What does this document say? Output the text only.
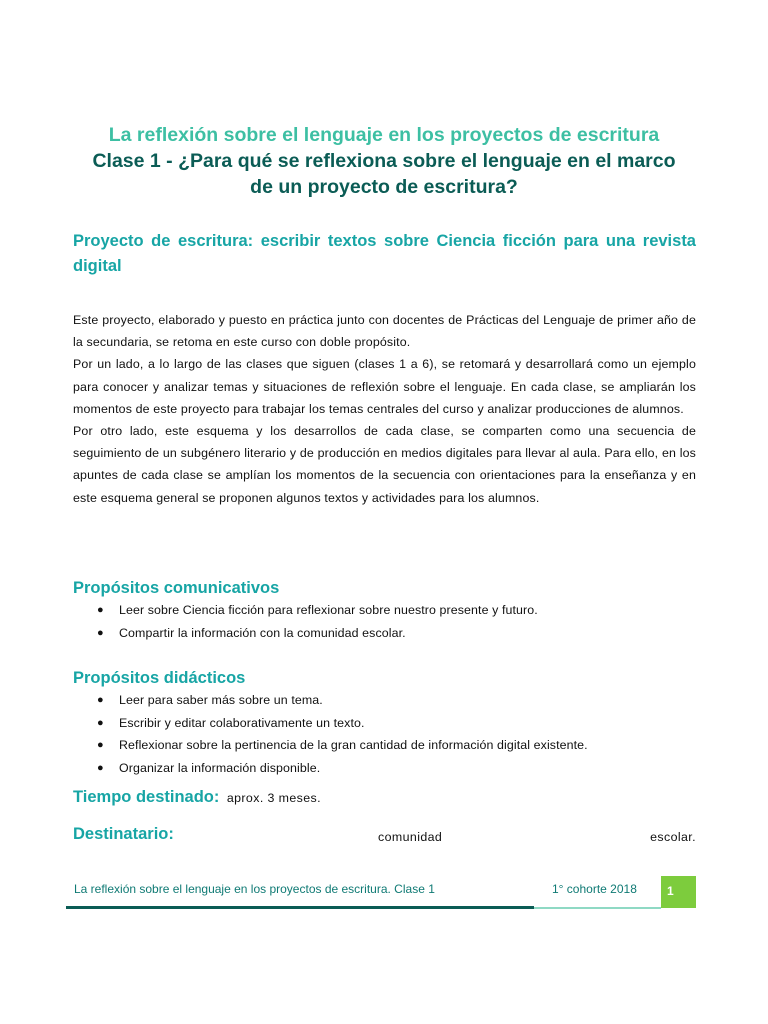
La reflexión sobre el lenguaje en los proyectos de escritura
Clase 1 - ¿Para qué se reflexiona sobre el lenguaje en el marco
de un proyecto de escritura?
Proyecto de escritura: escribir textos sobre Ciencia ficción para una revista digital

Este proyecto, elaborado y puesto en práctica junto con docentes de Prácticas del Lenguaje de primer año de la secundaria, se retoma en este curso con doble propósito.

Por un lado, a lo largo de las clases que siguen (clases 1 a 6), se retomará y desarrollará como un ejemplo para conocer y analizar temas y situaciones de reflexión sobre el lenguaje. En cada clase, se ampliarán los momentos de este proyecto para trabajar los temas centrales del curso y analizar producciones de alumnos.

Por otro lado, este esquema y los desarrollos de cada clase, se comparten como una secuencia de seguimiento de un subgénero literario y de producción en medios digitales para llevar al aula. Para ello, en los apuntes de cada clase se amplían los momentos de la secuencia con orientaciones para la enseñanza y en este esquema general se proponen algunos textos y actividades para los alumnos.

Propósitos comunicativos
● Leer sobre Ciencia ficción para reflexionar sobre nuestro presente y futuro.
● Compartir la información con la comunidad escolar.
Propósitos didácticos
● Leer para saber más sobre un tema.
● Escribir y editar colaborativamente un texto.
● Reflexionar sobre la pertinencia de la gran cantidad de información digital existente.
● Organizar la información disponible.
Tiempo destinado: aprox. 3 meses.
Destinatario:	comunidad	escolar.
La reflexión sobre el lenguaje en los proyectos de escritura. Clase 1	1° cohorte 2018	1
